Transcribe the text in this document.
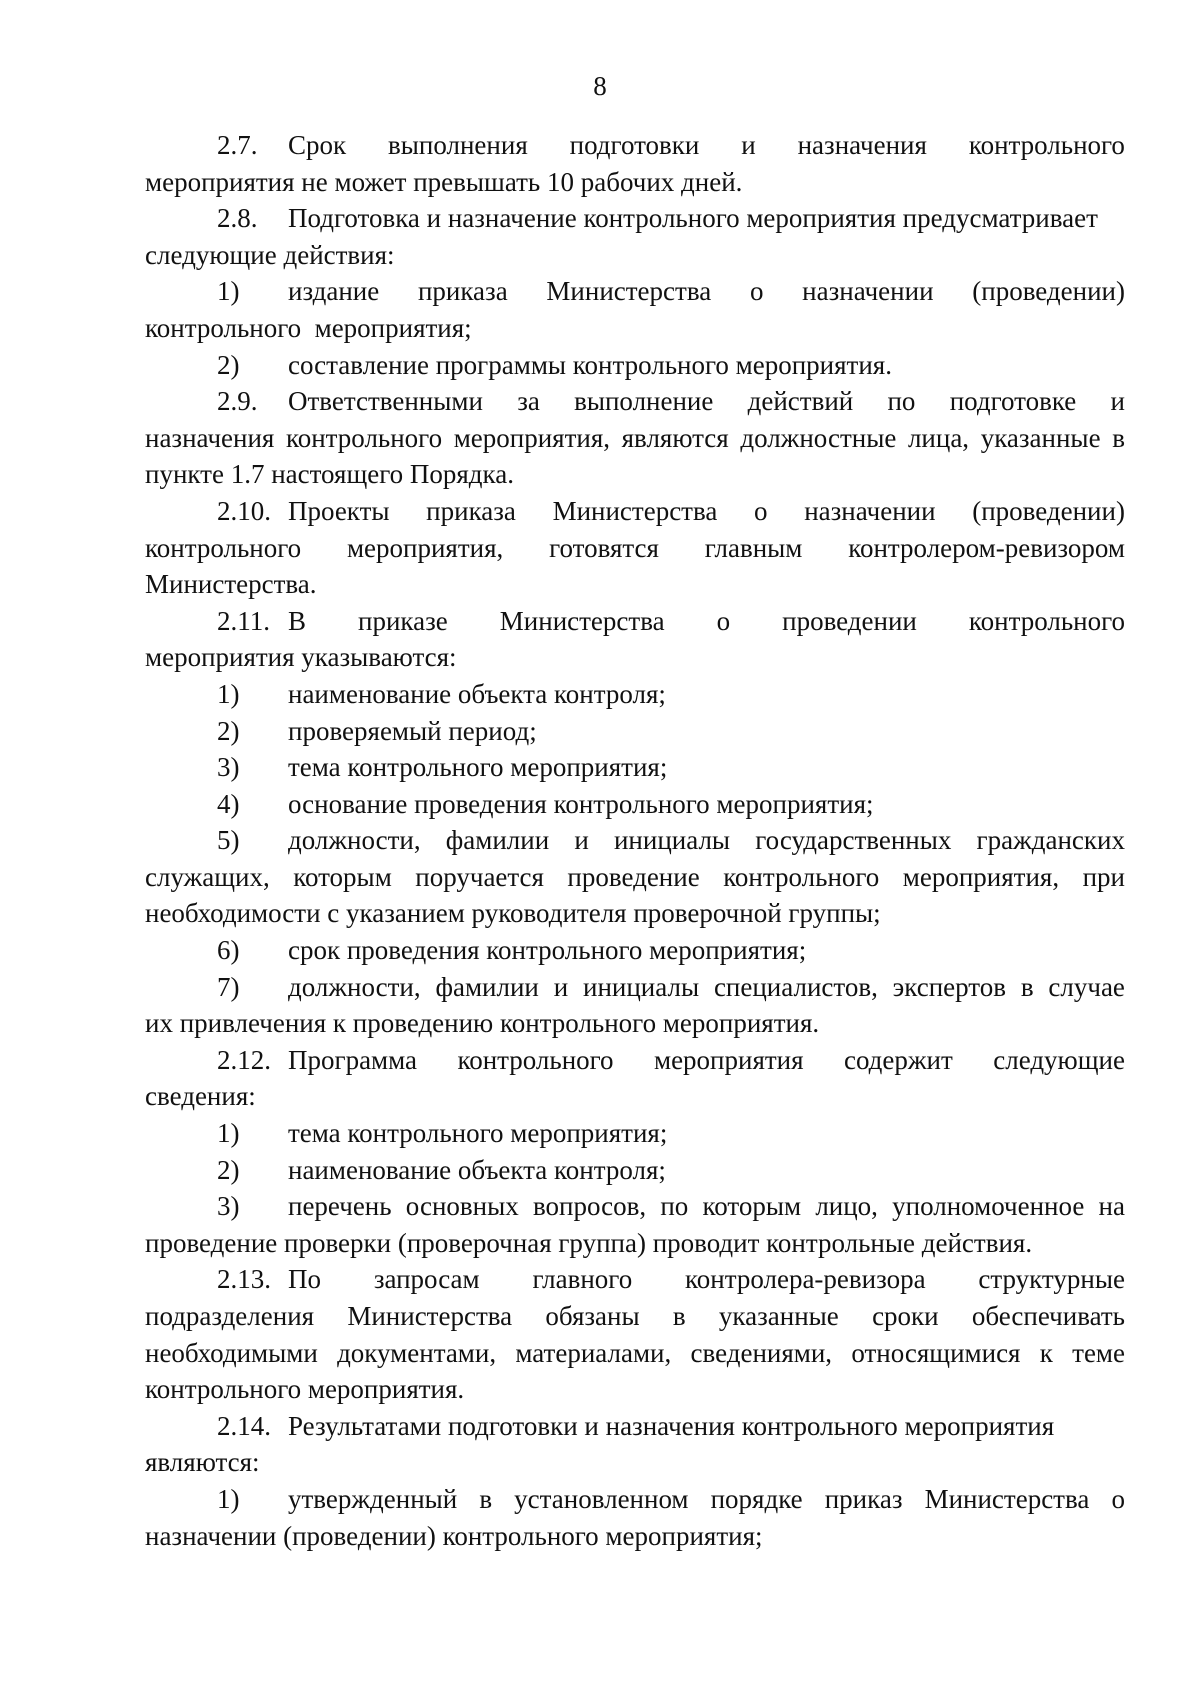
8
2.7.	Срок выполнения подготовки и назначения контрольного
мероприятия не может превышать 10 рабочих дней.
2.8.	Подготовка и назначение контрольного мероприятия предусматривает
следующие действия:
1)	издание приказа Министерства о назначении (проведении)
контрольного  мероприятия;
2)	составление программы контрольного мероприятия.
2.9.	Ответственными за выполнение действий по подготовке и
назначения контрольного мероприятия, являются должностные лица, указанные в
пункте 1.7 настоящего Порядка.
2.10. Проекты приказа Министерства о назначении (проведении)
контрольного мероприятия, готовятся главным контролером-ревизором
Министерства.
2.11. В приказе Министерства о проведении контрольного
мероприятия указываются:
1)	наименование объекта контроля;
2)	проверяемый период;
3)	тема контрольного мероприятия;
4)	основание проведения контрольного мероприятия;
5)	должности, фамилии и инициалы государственных гражданских
служащих, которым поручается проведение контрольного мероприятия, при
необходимости с указанием руководителя проверочной группы;
6)	срок проведения контрольного мероприятия;
7)	должности, фамилии и инициалы специалистов, экспертов в случае
их привлечения к проведению контрольного мероприятия.
2.12. Программа контрольного мероприятия содержит следующие
сведения:
1)	тема контрольного мероприятия;
2)	наименование объекта контроля;
3)	перечень основных вопросов, по которым лицо, уполномоченное на
проведение проверки (проверочная группа) проводит контрольные действия.
2.13. По запросам главного контролера-ревизора структурные
подразделения Министерства обязаны в указанные сроки обеспечивать
необходимыми документами, материалами, сведениями, относящимися к теме
контрольного мероприятия.
2.14. Результатами подготовки и назначения контрольного мероприятия
являются:
1)	утвержденный в установленном порядке приказ Министерства о
назначении (проведении) контрольного мероприятия;
